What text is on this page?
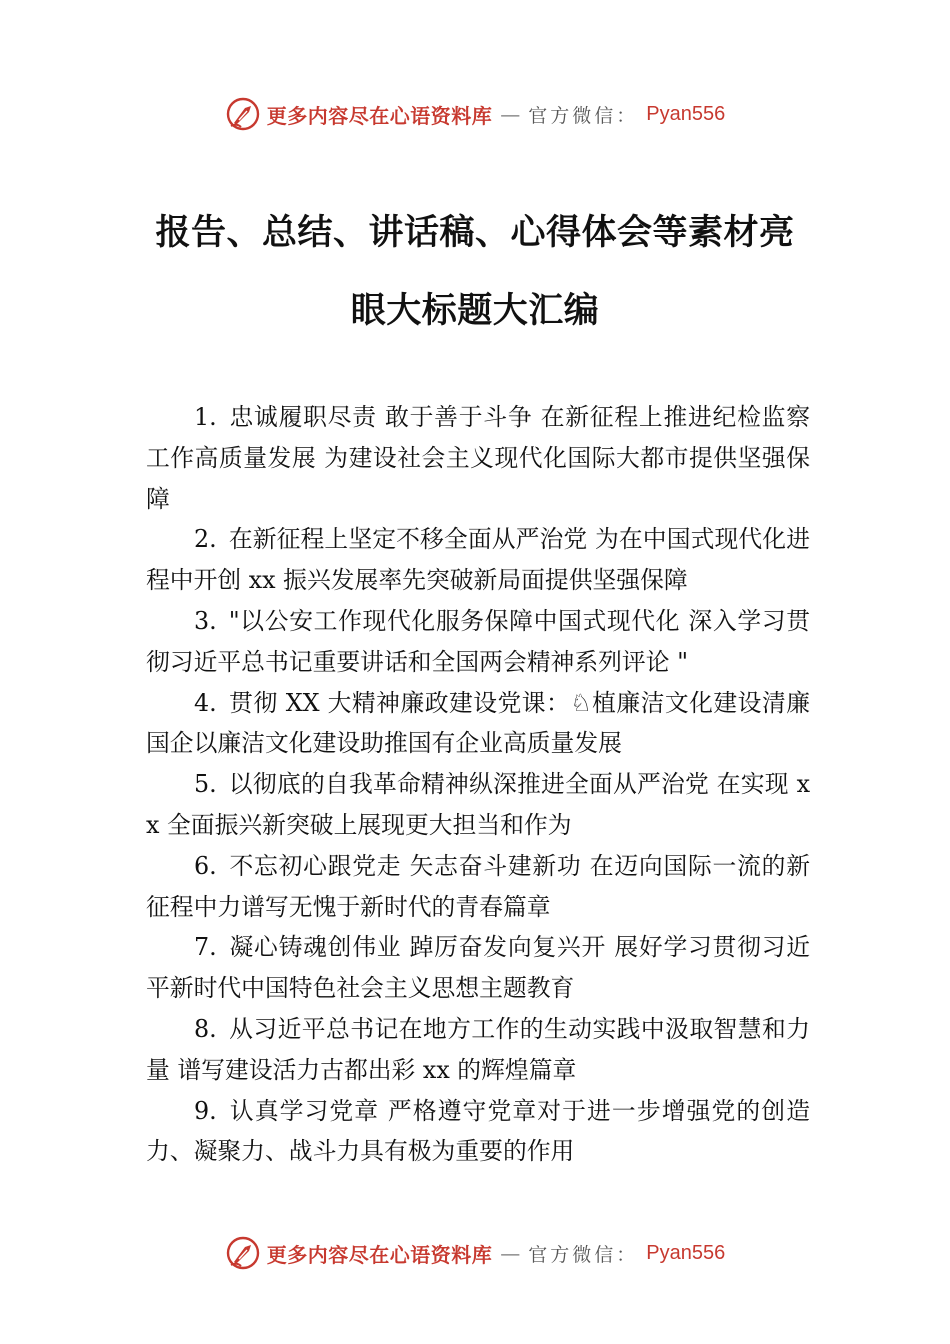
更多内容尽在心语资料库 — 官方微信： Pyan556
报告、总结、讲话稿、心得体会等素材亮
眼大标题大汇编

1. 忠诚履职尽责 敢于善于斗争 在新征程上推进纪检监察工作高质量发展 为建设社会主义现代化国际大都市提供坚强保障

2. 在新征程上坚定不移全面从严治党 为在中国式现代化进程中开创 xx 振兴发展率先突破新局面提供坚强保障

3. "以公安工作现代化服务保障中国式现代化 深入学习贯彻习近平总书记重要讲话和全国两会精神系列评论 "

4. 贯彻 XX 大精神廉政建设党课：♘植廉洁文化建设清廉国企以廉洁文化建设助推国有企业高质量发展

5. 以彻底的自我革命精神纵深推进全面从严治党 在实现 xx 全面振兴新突破上展现更大担当和作为

6. 不忘初心跟党走 矢志奋斗建新功 在迈向国际一流的新征程中力谱写无愧于新时代的青春篇章

7. 凝心铸魂创伟业 踔厉奋发向复兴开 展好学习贯彻习近平新时代中国特色社会主义思想主题教育

8. 从习近平总书记在地方工作的生动实践中汲取智慧和力量 谱写建设活力古都出彩 xx 的辉煌篇章

9. 认真学习党章 严格遵守党章对于进一步增强党的创造力、凝聚力、战斗力具有极为重要的作用

更多内容尽在心语资料库 — 官方微信： Pyan556
